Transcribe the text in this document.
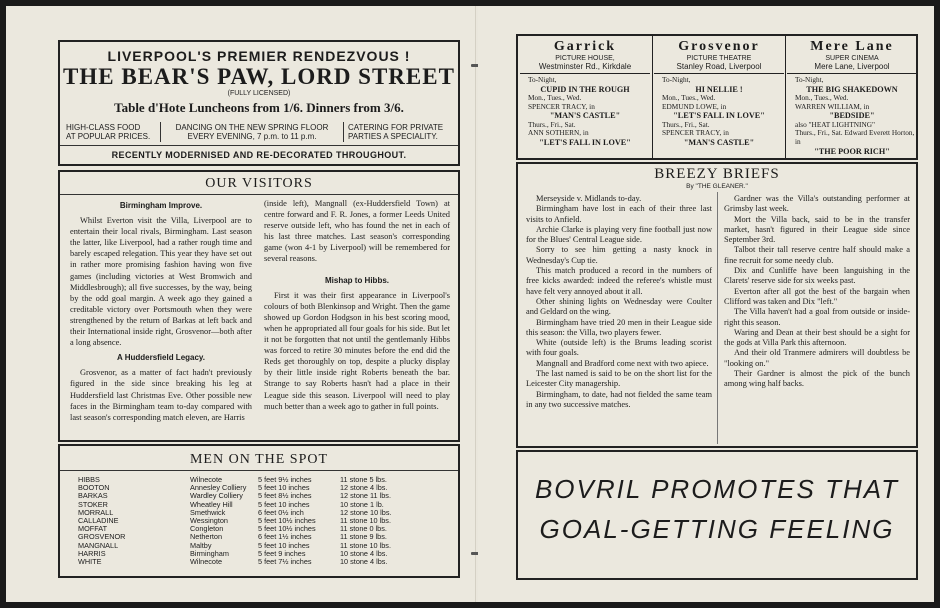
LIVERPOOL'S PREMIER RENDEZVOUS !
THE BEAR'S PAW, LORD STREET
(FULLY LICENSED)
Table d'Hote Luncheons from 1/6. Dinners from 3/6.
HIGH-CLASS FOOD
AT POPULAR PRICES.
DANCING ON THE NEW SPRING FLOOR
EVERY EVENING, 7 p.m. to 11 p.m.
CATERING FOR PRIVATE
PARTIES A SPECIALITY.
RECENTLY MODERNISED AND RE-DECORATED THROUGHOUT.
OUR VISITORS
Birmingham Improve.

Whilst Everton visit the Villa, Liverpool are to entertain their local rivals, Birmingham. Last season the latter, like Liverpool, had a rather rough time and barely escaped relegation. This year they have set out in rather more promising fashion having won five games (including victories at West Bromwich and Middlesbrough); all five successes, by the way, being by the odd goal margin. A week ago they gained a creditable victory over Portsmouth when they were strengthened by the return of Barkas at left back and their International inside right, Grosvenor—both after a long absence.

A Huddersfield Legacy.

Grosvenor, as a matter of fact hadn't previously figured in the side since breaking his leg at Huddersfield last Christmas Eve. Other possible new faces in the Birmingham team to-day compared with last season's corresponding match eleven, are Harris

(inside left), Mangnall (ex-Huddersfield Town) at centre forward and F. R. Jones, a former Leeds United reserve outside left, who has found the net in each of his last three matches. Last season's corresponding game (won 4-1 by Liverpool) will be remembered for several reasons.

Mishap to Hibbs.

First it was their first appearance in Liverpool's colours of both Blenkinsop and Wright. Then the game showed up Gordon Hodgson in his best scoring mood, when he appropriated all four goals for his side. But let it not be forgotten that not until the gentlemanly Hibbs was forced to retire 30 minutes before the end did the Reds get thoroughly on top, despite a plucky display by their little inside right Roberts beneath the bar. Strange to say Roberts hasn't had a place in their League side this season. Liverpool will need to play much better than a week ago to gather in full points.

MEN ON THE SPOT
HIBBS	Wilnecote	5 feet 9½ inches	11 stone 5 lbs.
BOOTON	Annesley Colliery	5 feet 10 inches	12 stone 4 lbs.
BARKAS	Wardley Colliery	5 feet 8½ inches	12 stone 11 lbs.
STOKER	Wheatley Hill	5 feet 10 inches	10 stone 1 lb.
MORRALL	Smethwick	6 feet 0½ inch	12 stone 10 lbs.
CALLADINE	Wessington	5 feet 10½ inches	11 stone 10 lbs.
MOFFAT	Congleton	5 feet 10½ inches	11 stone 0 lbs.
GROSVENOR	Netherton	6 feet 1½ inches	11 stone 9 lbs.
MANGNALL	Maltby	5 feet 10 inches	11 stone 10 lbs.
HARRIS	Birmingham	5 feet 9 inches	10 stone 4 lbs.
WHITE	Wilnecote	5 feet 7½ inches	10 stone 4 lbs.
Garrick
PICTURE HOUSE,
Westminster Rd., Kirkdale
To-Night,
CUPID IN THE ROUGH
Mon., Tues., Wed.
SPENCER TRACY, in
"MAN'S CASTLE"
Thurs., Fri., Sat.
ANN SOTHERN, in
"LET'S FALL IN LOVE"
Grosvenor
PICTURE THEATRE
Stanley Road, Liverpool
To-Night,
HI NELLIE !
Mon., Tues., Wed.
EDMUND LOWE, in
"LET'S FALL IN LOVE"
Thurs., Fri., Sat.
SPENCER TRACY, in
"MAN'S CASTLE"
Mere Lane
SUPER CINEMA
Mere Lane, Liverpool
To-Night,
THE BIG SHAKEDOWN
Mon., Tues., Wed.
WARREN WILLIAM, in
"BEDSIDE"
also "HEAT LIGHTNING"
Thurs., Fri., Sat. Edward Everett Horton, in
"THE POOR RICH"
BREEZY BRIEFS
By "THE GLEANER."

Merseyside v. Midlands to-day.

Birmingham have lost in each of their three last visits to Anfield.

Archie Clarke is playing very fine football just now for the Blues' Central League side.

Sorry to see him getting a nasty knock in Wednesday's Cup tie.

This match produced a record in the numbers of free kicks awarded: indeed the referee's whistle must have felt very annoyed about it all.

Other shining lights on Wednesday were Coulter and Geldard on the wing.

Birmingham have tried 20 men in their League side this season: the Villa, two players fewer.

White (outside left) is the Brums leading scorist with four goals.

Mangnall and Bradford come next with two apiece.

The last named is said to be on the short list for the Leicester City managership.

Birmingham, to date, had not fielded the same team in any two successive matches.

Gardner was the Villa's outstanding performer at Grimsby last week.

Mort the Villa back, said to be in the transfer market, hasn't figured in their League side since September 3rd.

Talbot their tall reserve centre half should make a fine recruit for some needy club.

Dix and Cunliffe have been languishing in the Clarets' reserve side for six weeks past.

Everton after all got the best of the bargain when Clifford was taken and Dix "left."

The Villa haven't had a goal from outside or inside-right this season.

Waring and Dean at their best should be a sight for the gods at Villa Park this afternoon.

And their old Tranmere admirers will doubtless be "looking on."

Their Gardner is almost the pick of the bunch among wing half backs.

BOVRIL PROMOTES THAT
GOAL-GETTING FEELING
